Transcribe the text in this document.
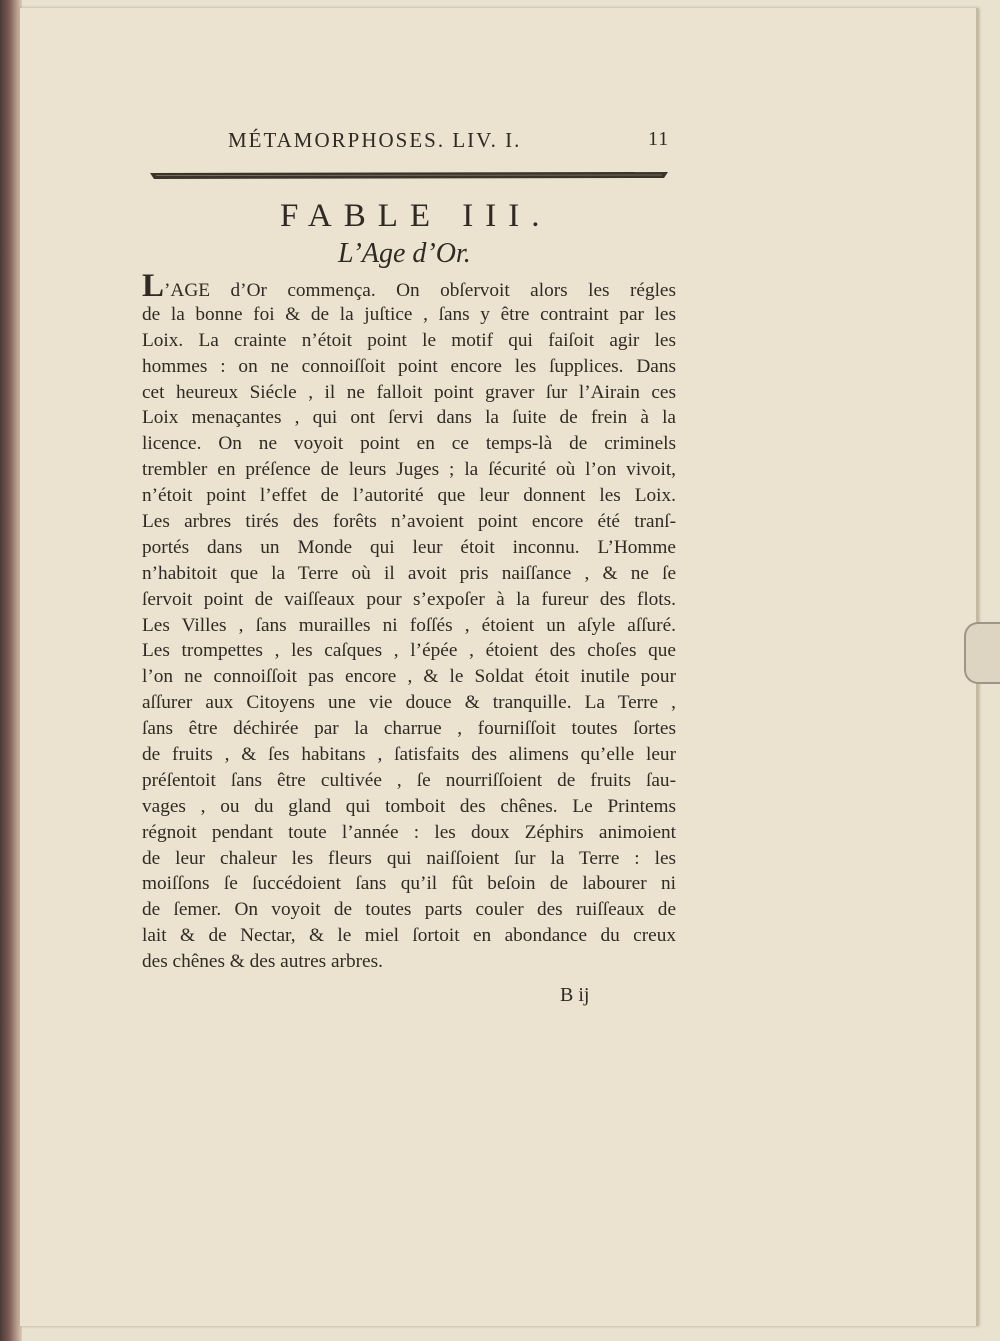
MÉTAMORPHOSES. LIV. I.	11
FABLE III.
L’Age d’Or.
L’AGE d’Or commença. On obſervoit alors les régles
de la bonne foi & de la juſtice , ſans y être contraint par les
Loix. La crainte n’étoit point le motif qui faiſoit agir les
hommes : on ne connoiſſoit point encore les ſupplices. Dans
cet heureux Siécle , il ne falloit point graver ſur l’Airain ces
Loix menaçantes , qui ont ſervi dans la ſuite de frein à la
licence. On ne voyoit point en ce temps-là de criminels
trembler en préſence de leurs Juges ; la ſécurité où l’on vivoit,
n’étoit point l’effet de l’autorité que leur donnent les Loix.
Les arbres tirés des forêts n’avoient point encore été tranſ-
portés dans un Monde qui leur étoit inconnu. L’Homme
n’habitoit que la Terre où il avoit pris naiſſance , & ne ſe
ſervoit point de vaiſſeaux pour s’expoſer à la fureur des flots.
Les Villes , ſans murailles ni foſſés , étoient un aſyle aſſuré.
Les trompettes , les caſques , l’épée , étoient des choſes que
l’on ne connoiſſoit pas encore , & le Soldat étoit inutile pour
aſſurer aux Citoyens une vie douce & tranquille. La Terre ,
ſans être déchirée par la charrue , fourniſſoit toutes ſortes
de fruits , & ſes habitans , ſatisfaits des alimens qu’elle leur
préſentoit ſans être cultivée , ſe nourriſſoient de fruits ſau-
vages , ou du gland qui tomboit des chênes. Le Printems
régnoit pendant toute l’année : les doux Zéphirs animoient
de leur chaleur les fleurs qui naiſſoient ſur la Terre : les
moiſſons ſe ſuccédoient ſans qu’il fût beſoin de labourer ni
de ſemer. On voyoit de toutes parts couler des ruiſſeaux de
lait & de Nectar, & le miel ſortoit en abondance du creux
des chênes & des autres arbres.
B ij
